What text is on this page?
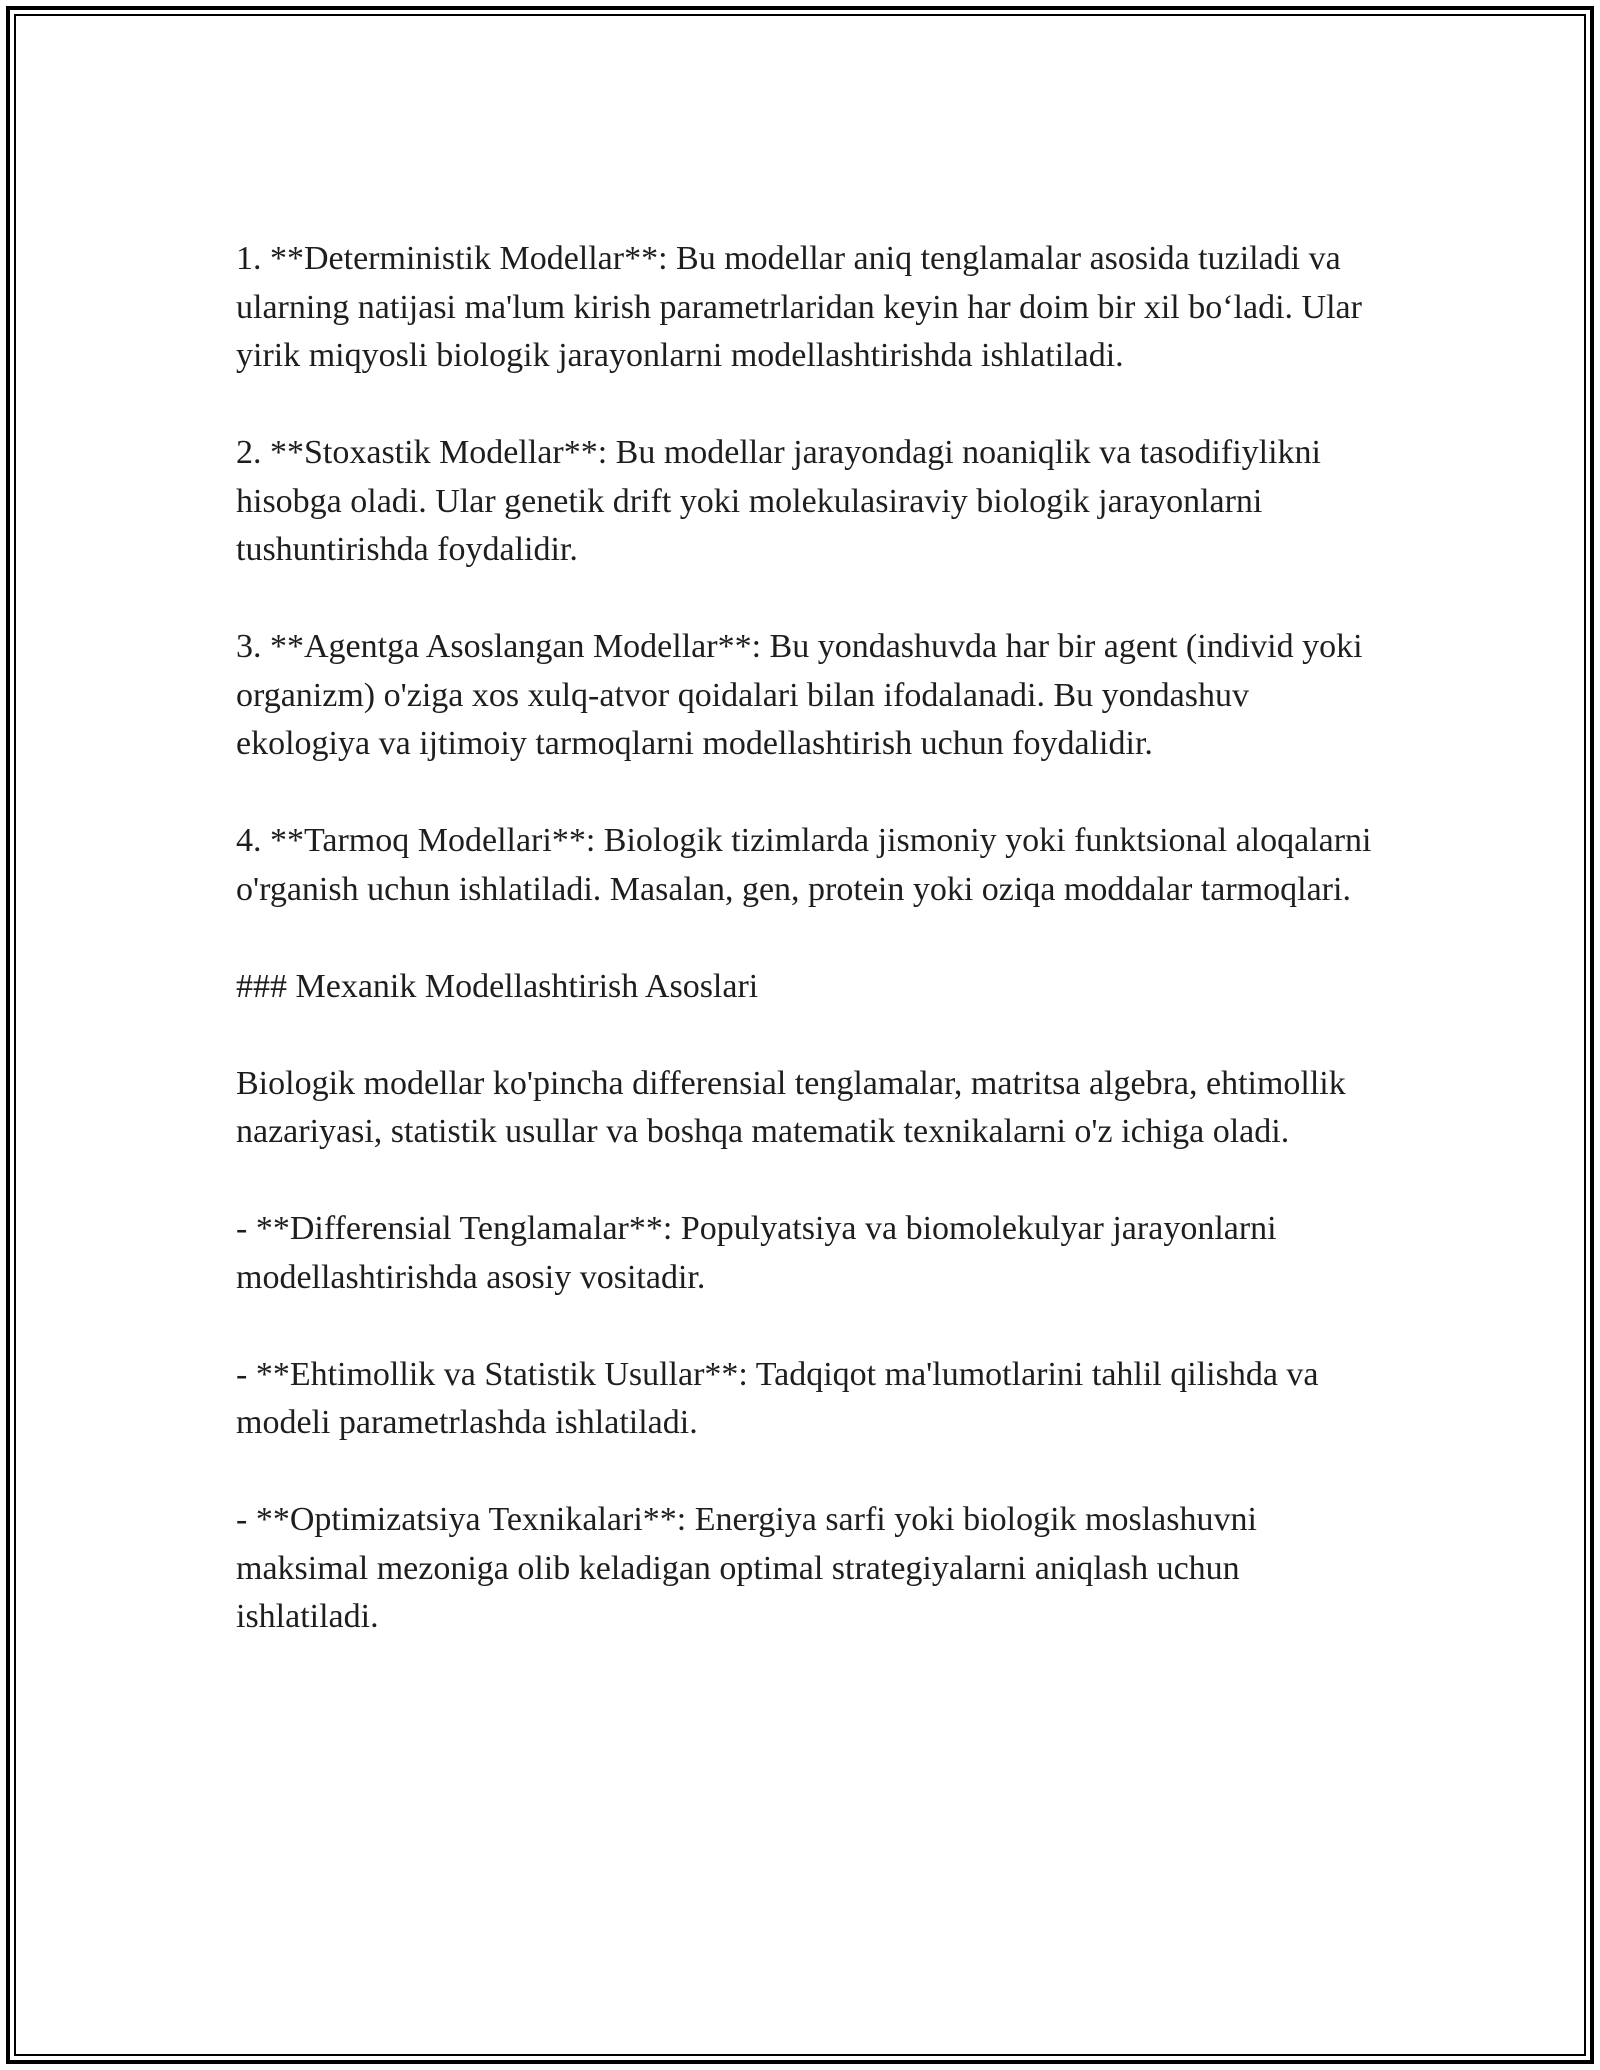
1. **Deterministik Modellar**: Bu modellar aniq tenglamalar asosida tuziladi va ularning natijasi ma'lum kirish parametrlaridan keyin har doim bir xil bo‘ladi. Ular yirik miqyosli biologik jarayonlarni modellashtirishda ishlatiladi.

2. **Stoxastik Modellar**: Bu modellar jarayondagi noaniqlik va tasodifiylikni hisobga oladi. Ular genetik drift yoki molekulasiraviy biologik jarayonlarni tushuntirishda foydalidir.

3. **Agentga Asoslangan Modellar**: Bu yondashuvda har bir agent (individ yoki organizm) o'ziga xos xulq-atvor qoidalari bilan ifodalanadi. Bu yondashuv ekologiya va ijtimoiy tarmoqlarni modellashtirish uchun foydalidir.

4. **Tarmoq Modellari**: Biologik tizimlarda jismoniy yoki funktsional aloqalarni o'rganish uchun ishlatiladi. Masalan, gen, protein yoki oziqa moddalar tarmoqlari.

### Mexanik Modellashtirish Asoslari

Biologik modellar ko'pincha differensial tenglamalar, matritsa algebra, ehtimollik nazariyasi, statistik usullar va boshqa matematik texnikalarni o'z ichiga oladi.

- **Differensial Tenglamalar**: Populyatsiya va biomolekulyar jarayonlarni modellashtirishda asosiy vositadir.

- **Ehtimollik va Statistik Usullar**: Tadqiqot ma'lumotlarini tahlil qilishda va modeli parametrlashda ishlatiladi.

- **Optimizatsiya Texnikalari**: Energiya sarfi yoki biologik moslashuvni maksimal mezoniga olib keladigan optimal strategiyalarni aniqlash uchun ishlatiladi.
